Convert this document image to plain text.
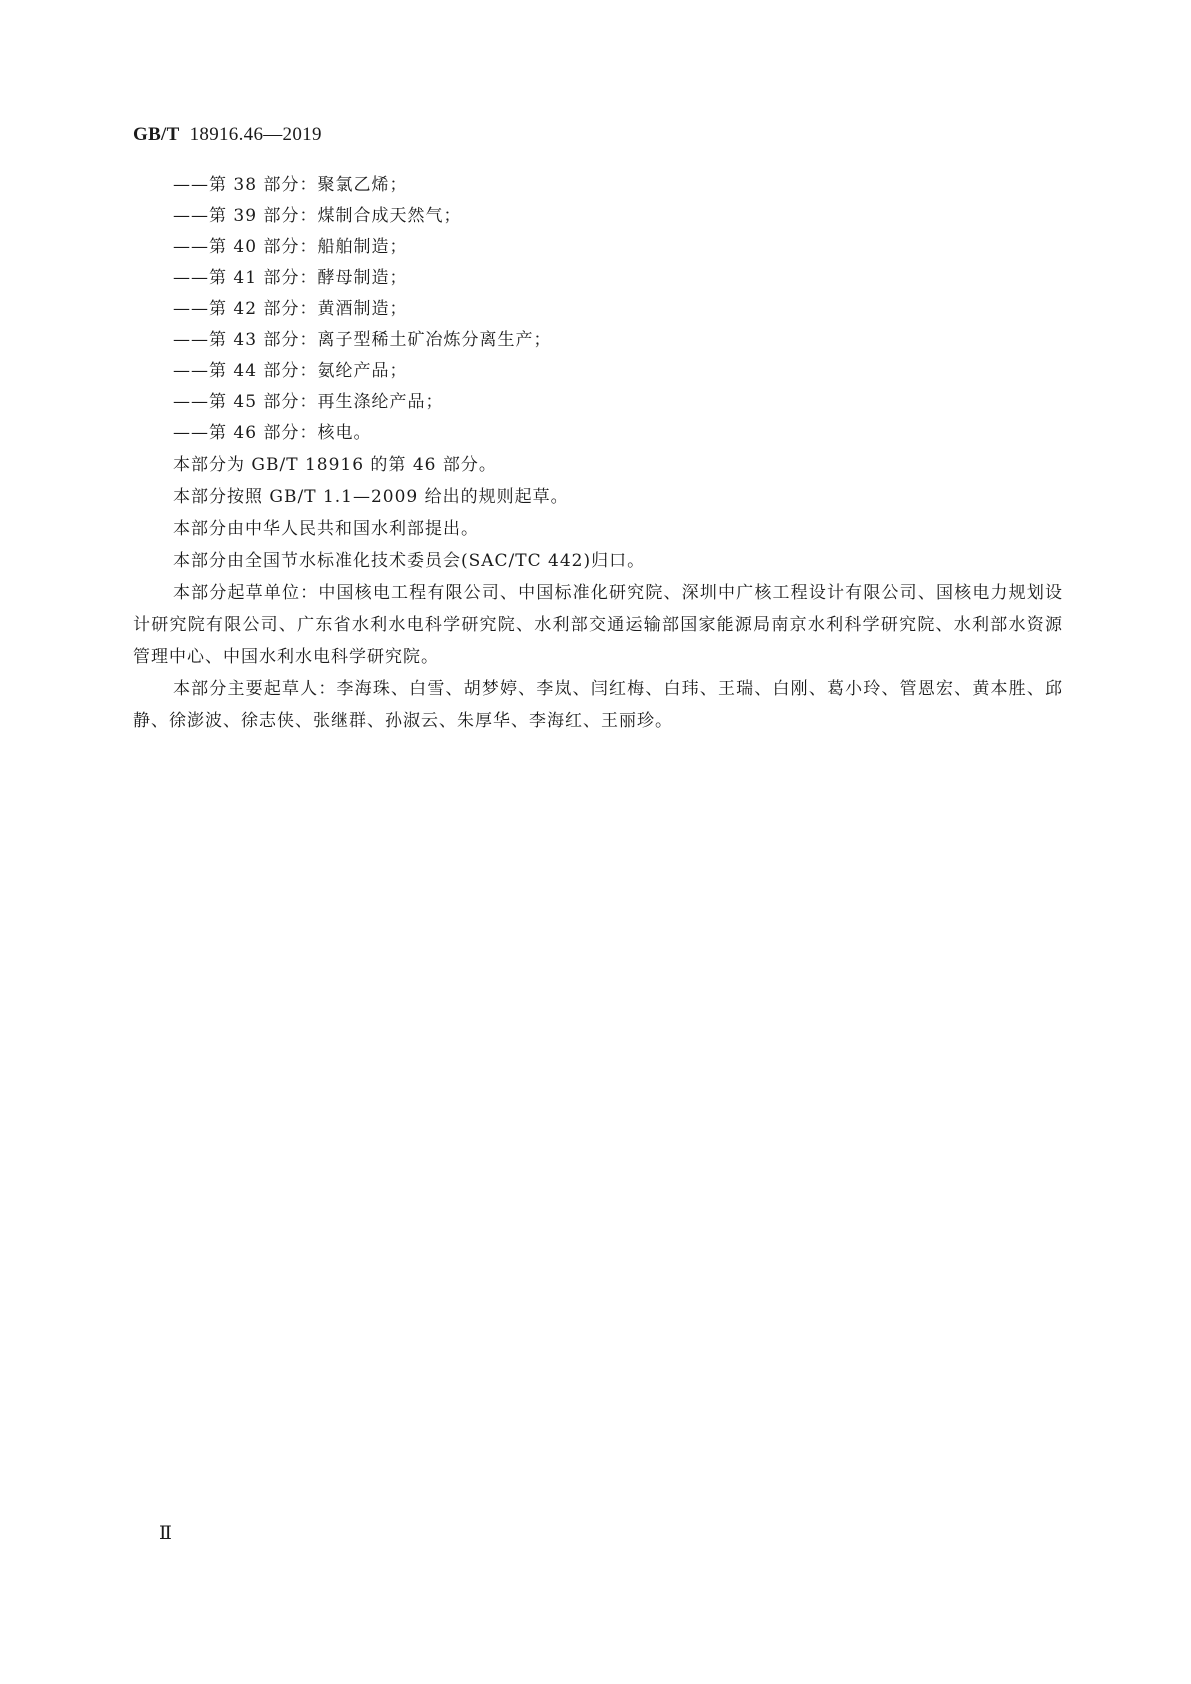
GB/T 18916.46—2019
——第 38 部分：聚氯乙烯；
——第 39 部分：煤制合成天然气；
——第 40 部分：船舶制造；
——第 41 部分：酵母制造；
——第 42 部分：黄酒制造；
——第 43 部分：离子型稀土矿冶炼分离生产；
——第 44 部分：氨纶产品；
——第 45 部分：再生涤纶产品；
——第 46 部分：核电。

本部分为 GB/T 18916 的第 46 部分。

本部分按照 GB/T 1.1—2009 给出的规则起草。

本部分由中华人民共和国水利部提出。

本部分由全国节水标准化技术委员会(SAC/TC 442)归口。

本部分起草单位：中国核电工程有限公司、中国标准化研究院、深圳中广核工程设计有限公司、国核电力规划设计研究院有限公司、广东省水利水电科学研究院、水利部交通运输部国家能源局南京水利科学研究院、水利部水资源管理中心、中国水利水电科学研究院。

本部分主要起草人：李海珠、白雪、胡梦婷、李岚、闫红梅、白玮、王瑞、白刚、葛小玲、管恩宏、黄本胜、邱静、徐澎波、徐志侠、张继群、孙淑云、朱厚华、李海红、王丽珍。

Ⅱ
